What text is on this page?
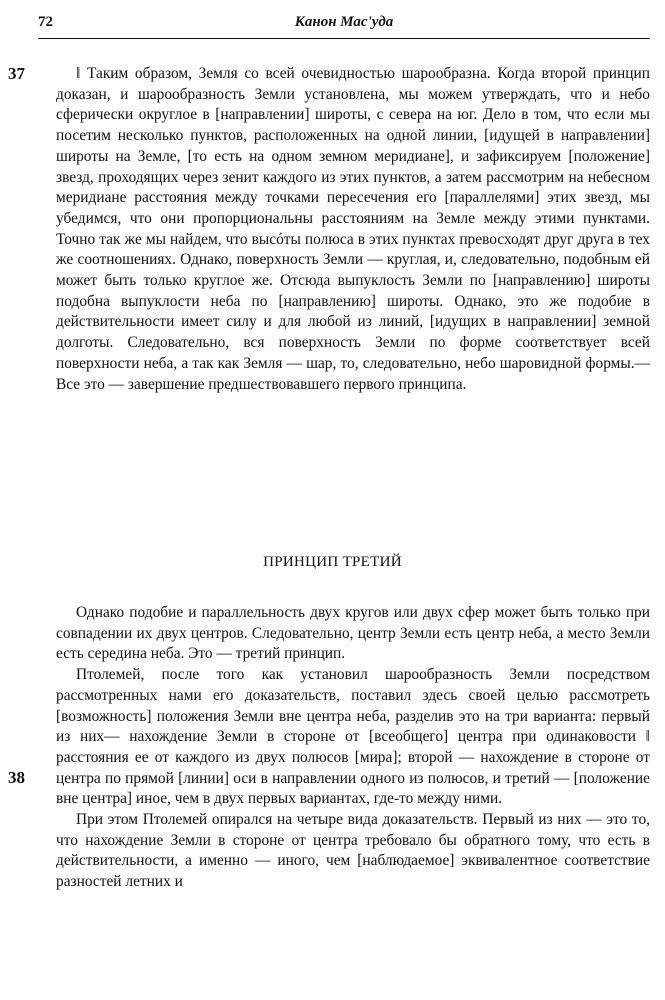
72	Канон Мас'уда
37
38

‖ Таким образом, Земля со всей очевидностью шарообразна. Когда второй принцип доказан, и шарообразность Земли установлена, мы можем утверждать, что и небо сферически округлое в [направлении] широты, с севера на юг. Дело в том, что если мы посетим несколько пунктов, расположенных на одной линии, [идущей в направлении] широты на Земле, [то есть на одном земном меридиане], и зафиксируем [положение] звезд, проходящих через зенит каждого из этих пунктов, а затем рассмотрим на небесном меридиане расстояния между точками пересечения его [параллелями] этих звезд, мы убедимся, что они пропорциональны расстояниям на Земле между этими пунктами. Точно так же мы найдем, что высóты полюса в этих пунктах превосходят друг друга в тех же соотношениях. Однако, поверхность Земли — круглая, и, следовательно, подобным ей может быть только круглое же. Отсюда выпуклость Земли по [направлению] широты подобна выпуклости неба по [направлению] широты. Однако, это же подобие в действительности имеет силу и для любой из линий, [идущих в направлении] земной долготы. Следовательно, вся поверхность Земли по форме соответствует всей поверхности неба, а так как Земля — шар, то, следовательно, небо шаровидной формы.— Все это — завершение предшествовавшего первого принципа.

ПРИНЦИП ТРЕТИЙ

Однако подобие и параллельность двух кругов или двух сфер может быть только при совпадении их двух центров. Следовательно, центр Земли есть центр неба, а место Земли есть середина неба. Это — третий принцип.

Птолемей, после того как установил шарообразность Земли посредством рассмотренных нами его доказательств, поставил здесь своей целью рассмотреть [возможность] положения Земли вне центра неба, разделив это на три варианта: первый из них— нахождение Земли в стороне от [всеобщего] центра при одинаковости ‖ расстояния ее от каждого из двух полюсов [мира]; второй — нахождение в стороне от центра по прямой [линии] оси в направлении одного из полюсов, и третий — [положение вне центра] иное, чем в двух первых вариантах, где-то между ними.

При этом Птолемей опирался на четыре вида доказательств. Первый из них — это то, что нахождение Земли в стороне от центра требовало бы обратного тому, что есть в действительности, а именно — иного, чем [наблюдаемое] эквивалентное соответствие разностей летних и
